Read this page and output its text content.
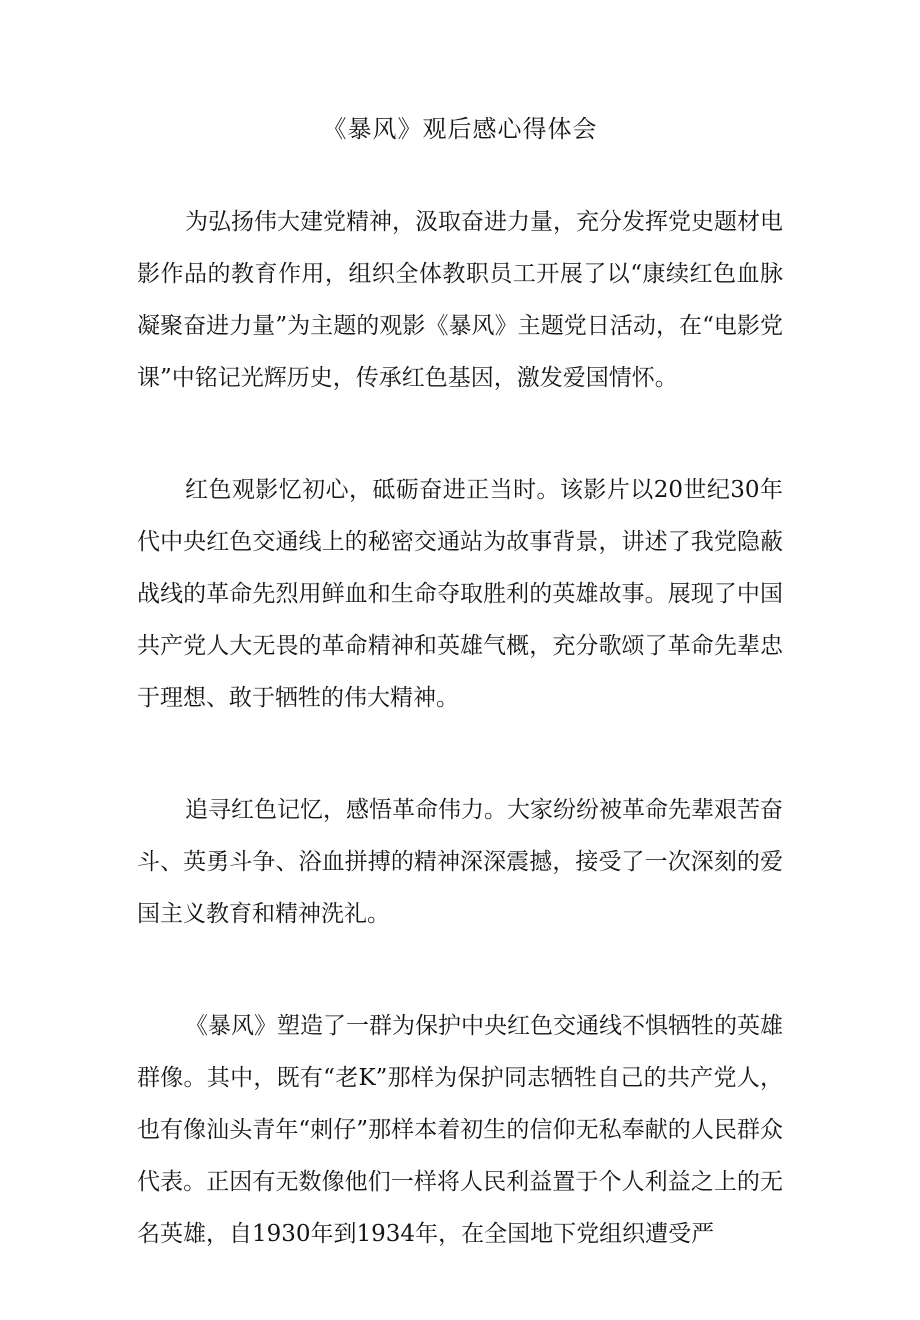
《暴风》观后感心得体会

为弘扬伟大建党精神，汲取奋进力量，充分发挥党史题材电影作品的教育作用，组织全体教职员工开展了以“康续红色血脉凝聚奋进力量”为主题的观影《暴风》主题党日活动，在“电影党课”中铭记光辉历史，传承红色基因，激发爱国情怀。

红色观影忆初心，砥砺奋进正当时。该影片以20世纪30年代中央红色交通线上的秘密交通站为故事背景，讲述了我党隐蔽战线的革命先烈用鲜血和生命夺取胜利的英雄故事。展现了中国共产党人大无畏的革命精神和英雄气概，充分歌颂了革命先辈忠于理想、敢于牺牲的伟大精神。

追寻红色记忆，感悟革命伟力。大家纷纷被革命先辈艰苦奋斗、英勇斗争、浴血拼搏的精神深深震撼，接受了一次深刻的爱国主义教育和精神洗礼。

《暴风》塑造了一群为保护中央红色交通线不惧牺牲的英雄群像。其中，既有“老K”那样为保护同志牺牲自己的共产党人，也有像汕头青年“刺仔”那样本着初生的信仰无私奉献的人民群众代表。正因有无数像他们一样将人民利益置于个人利益之上的无名英雄，自1930年到1934年，在全国地下党组织遭受严
